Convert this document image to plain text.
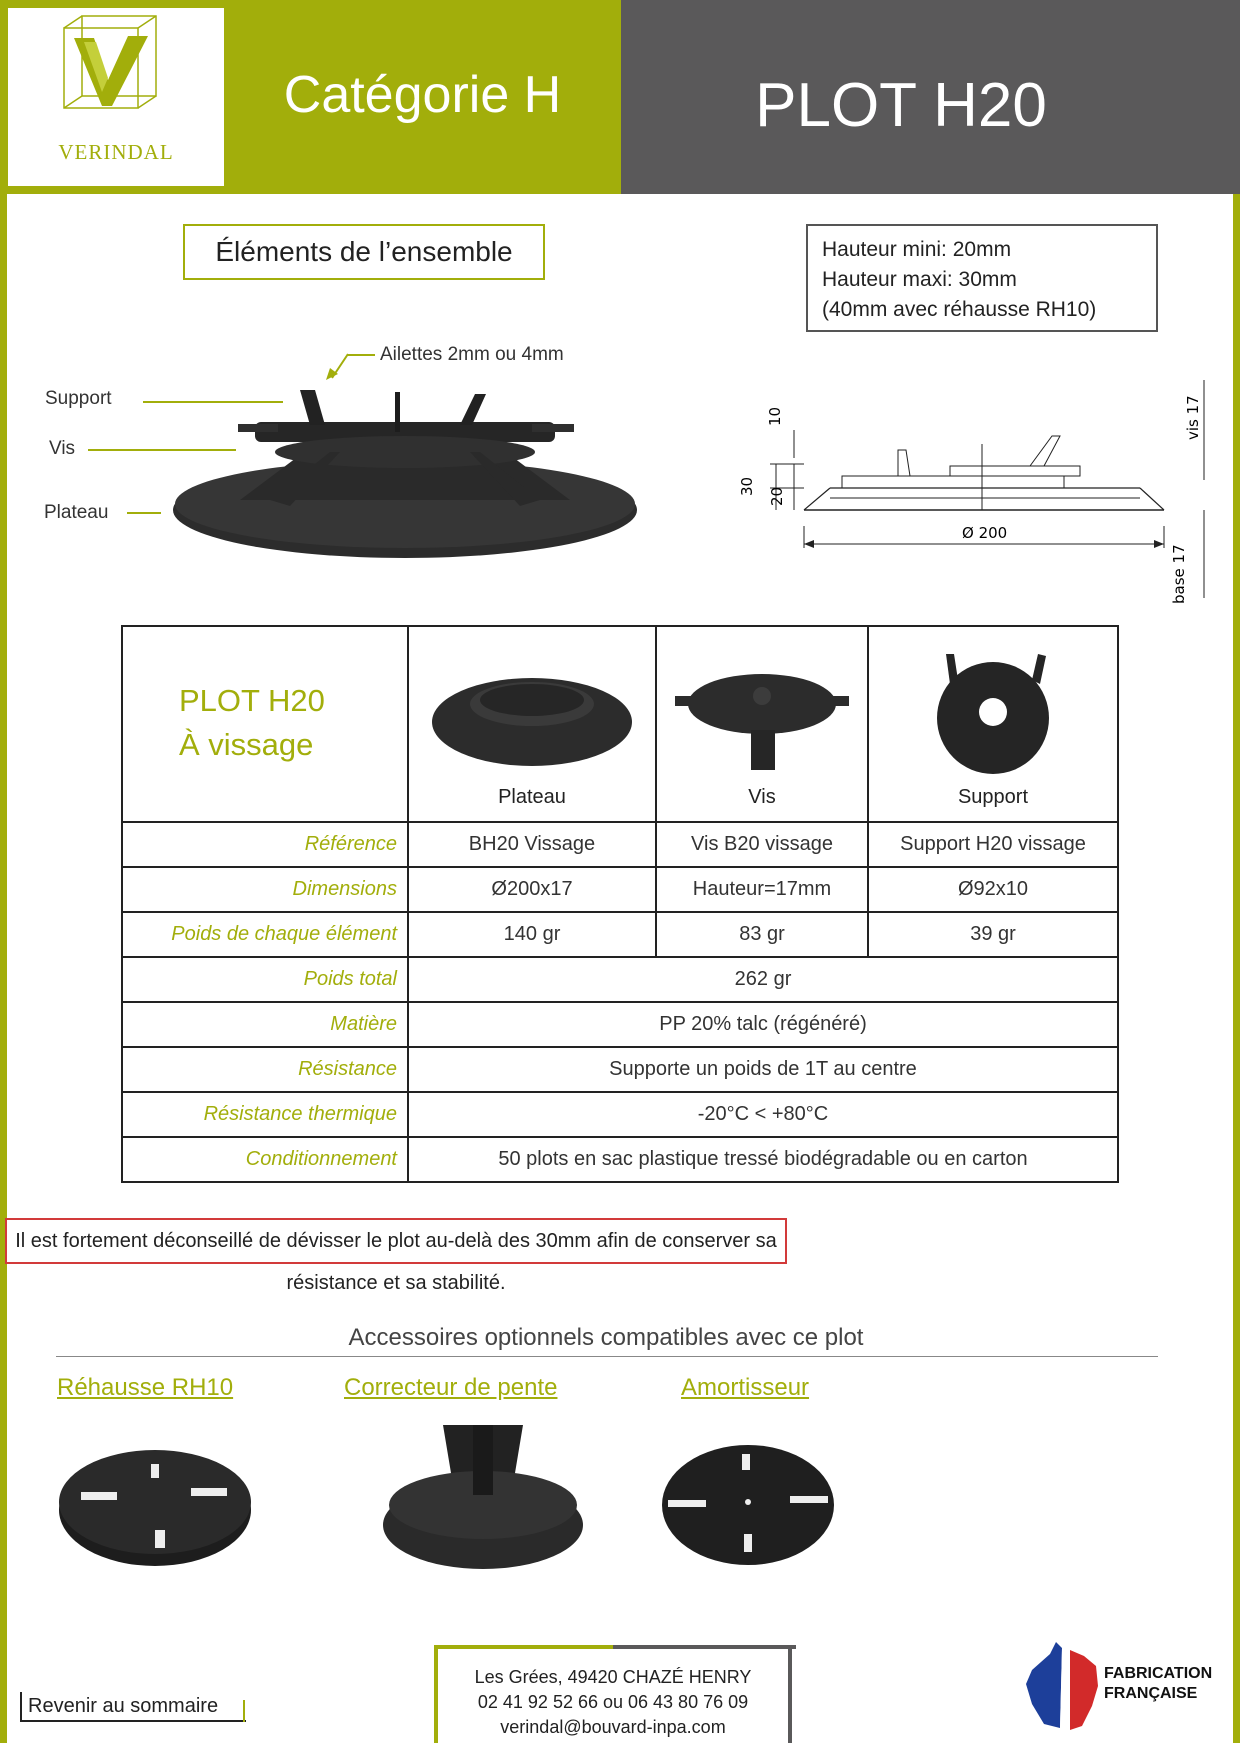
VERINDAL
Catégorie H	PLOT H20
Éléments de l’ensemble	Hauteur mini: 20mm
Hauteur maxi: 30mm
(40mm avec réhausse RH10)
Ailettes 2mm ou 4mm
Support
Vis
Plateau
10
30
20
Ø 200
vis 17
base 17
PLOT H20
À vissage	Plateau	Vis	Support

Référence	BH20 Vissage	Vis B20 vissage	Support H20 vissage
Dimensions	Ø200x17	Hauteur=17mm	Ø92x10
Poids de chaque élément	140 gr	83 gr	39 gr
Poids total	262 gr		
Matière	PP 20% talc (régénéré)		
Résistance	Supporte un poids de 1T au centre		
Résistance thermique	-20°C < +80°C		
Conditionnement	50 plots en sac plastique tressé biodégradable ou en carton		
Il est fortement déconseillé de dévisser le plot au-delà des 30mm afin de conserver sa résistance et sa stabilité.
Accessoires optionnels compatibles avec ce plot
Réhausse RH10	Correcteur de pente	Amortisseur
Les Grées, 49420 CHAZÉ HENRY
02 41 92 52 66 ou 06 43 80 76 09
verindal@bouvard-inpa.com
Revenir au sommaire
FABRICATION
FRANÇAISE
